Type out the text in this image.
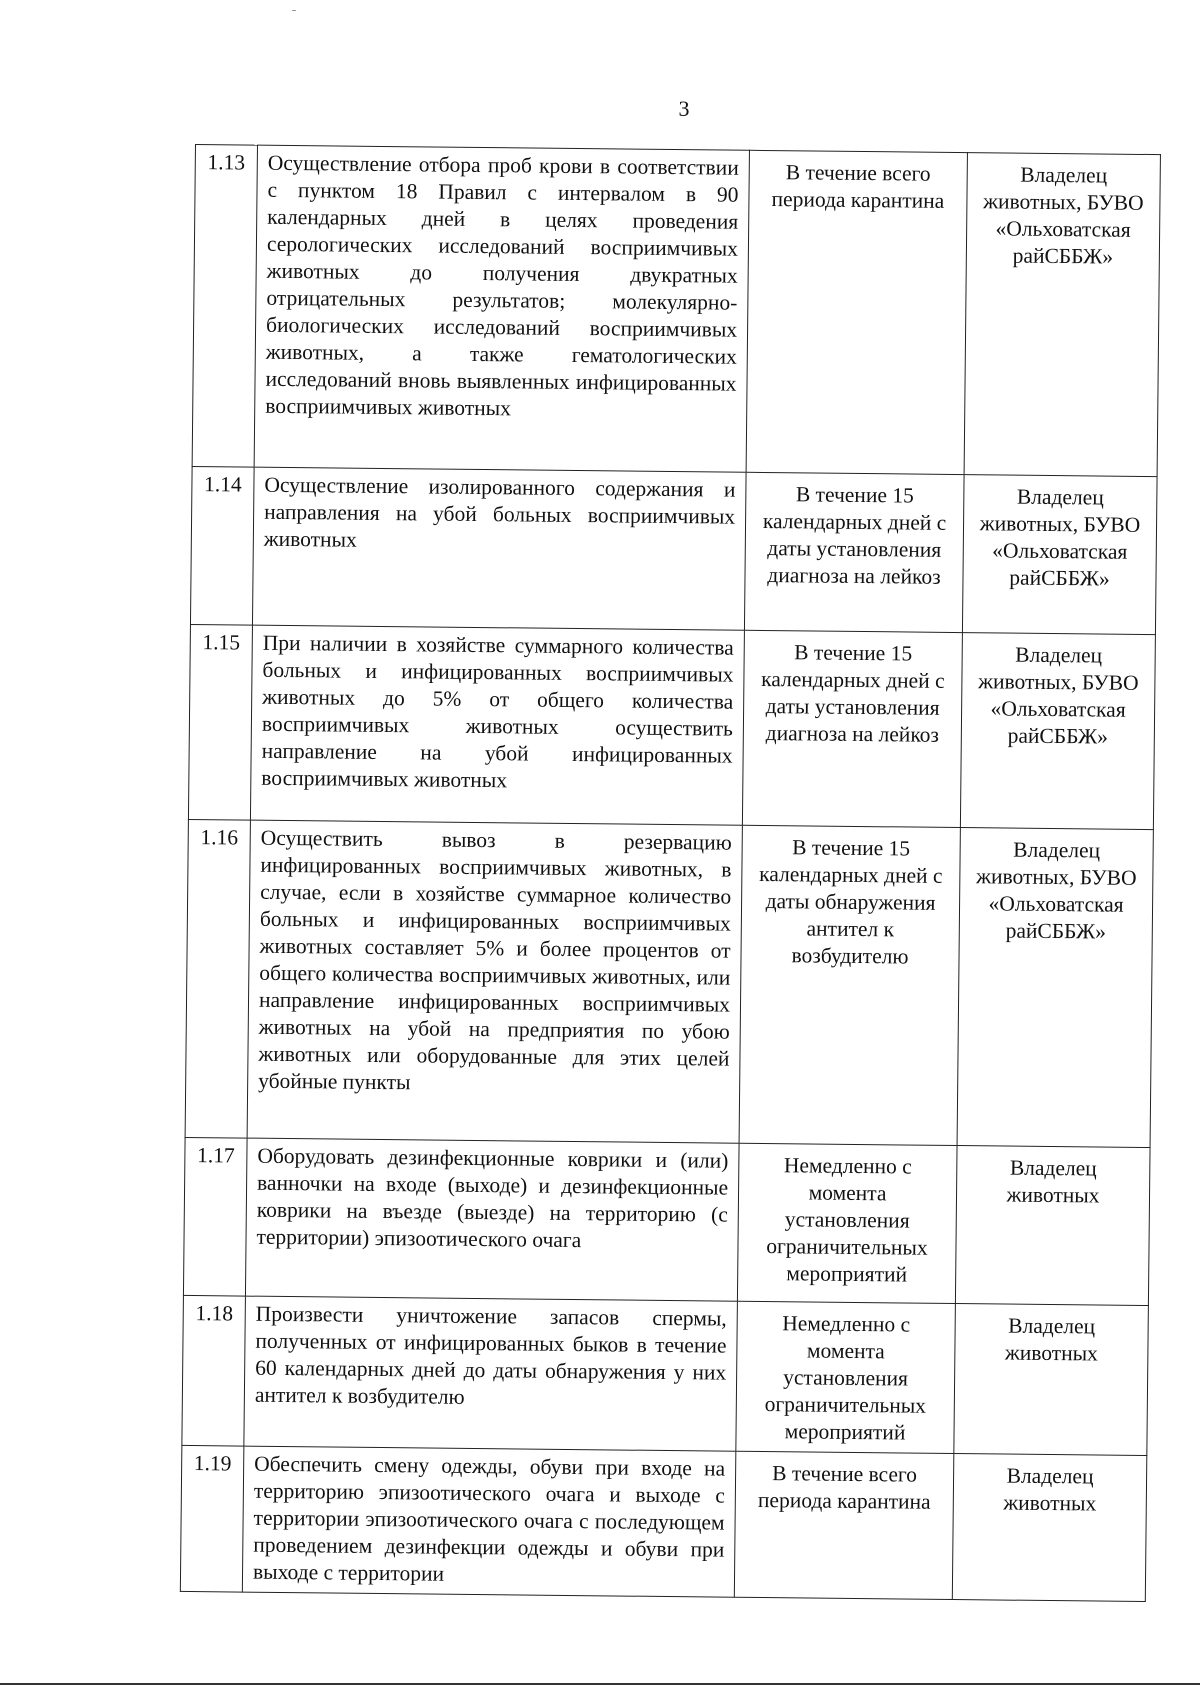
3
1.13	Осуществление отбора проб крови в соответствии с пунктом 18 Правил с интервалом в 90 календарных дней в целях проведения серологических исследований восприимчивых животных до получения двукратных отрицательных результатов; молекулярно-биологических исследований восприимчивых животных, а также гематологических исследований вновь выявленных инфицированных восприимчивых животных	В течение всего периода карантина	Владелец животных, БУВО «Ольховатская райСББЖ»
1.14	Осуществление изолированного содержания и направления на убой больных восприимчивых животных	В течение 15 календарных дней с даты установления диагноза на лейкоз	Владелец животных, БУВО «Ольховатская райСББЖ»
1.15	При наличии в хозяйстве суммарного количества больных и инфицированных восприимчивых животных до 5% от общего количества восприимчивых животных осуществить направление на убой инфицированных восприимчивых животных	В течение 15 календарных дней с даты установления диагноза на лейкоз	Владелец животных, БУВО «Ольховатская райСББЖ»
1.16	Осуществить вывоз в резервацию инфицированных восприимчивых животных, в случае, если в хозяйстве суммарное количество больных и инфицированных восприимчивых животных составляет 5% и более процентов от общего количества восприимчивых животных, или направление инфицированных восприимчивых животных на убой на предприятия по убою животных или оборудованные для этих целей убойные пункты	В течение 15 календарных дней с даты обнаружения антител к возбудителю	Владелец животных, БУВО «Ольховатская райСББЖ»
1.17	Оборудовать дезинфекционные коврики и (или) ванночки на входе (выходе) и дезинфекционные коврики на въезде (выезде) на территорию (с территории) эпизоотического очага	Немедленно с момента установления ограничительных мероприятий	Владелец животных
1.18	Произвести уничтожение запасов спермы, полученных от инфицированных быков в течение 60 календарных дней до даты обнаружения у них антител к возбудителю	Немедленно с момента установления ограничительных мероприятий	Владелец животных
1.19	Обеспечить смену одежды, обуви при входе на территорию эпизоотического очага и выходе с территории эпизоотического очага с последующем проведением дезинфекции одежды и обуви при выходе с территории	В течение всего периода карантина	Владелец животных
